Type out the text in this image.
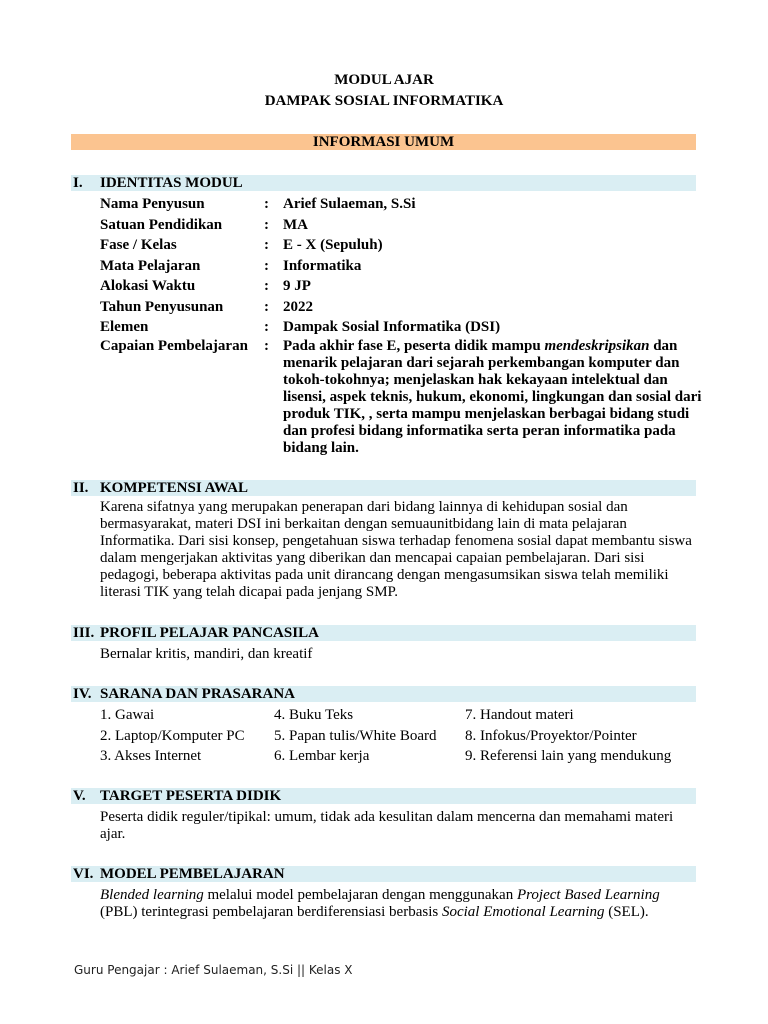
MODUL AJAR
DAMPAK SOSIAL INFORMATIKA
INFORMASI UMUM
I. IDENTITAS MODUL
Nama Penyusun	: Arief Sulaeman, S.Si
Satuan Pendidikan	: MA
Fase / Kelas	: E - X (Sepuluh)
Mata Pelajaran	: Informatika
Alokasi Waktu	: 9 JP
Tahun Penyusunan	: 2022
Elemen	: Dampak Sosial Informatika (DSI)
Capaian Pembelajaran	: Pada akhir fase E, peserta didik mampu mendeskripsikan dan menarik pelajaran dari sejarah perkembangan komputer dan tokoh-tokohnya; menjelaskan hak kekayaan intelektual dan lisensi, aspek teknis, hukum, ekonomi, lingkungan dan sosial dari produk TIK, , serta mampu menjelaskan berbagai bidang studi dan profesi bidang informatika serta peran informatika pada bidang lain.
II. KOMPETENSI AWAL
Karena sifatnya yang merupakan penerapan dari bidang lainnya di kehidupan sosial dan bermasyarakat, materi DSI ini berkaitan dengan semuaunitbidang lain di mata pelajaran Informatika. Dari sisi konsep, pengetahuan siswa terhadap fenomena sosial dapat membantu siswa dalam mengerjakan aktivitas yang diberikan dan mencapai capaian pembelajaran. Dari sisi pedagogi, beberapa aktivitas pada unit dirancang dengan mengasumsikan siswa telah memiliki literasi TIK yang telah dicapai pada jenjang SMP.
III. PROFIL PELAJAR PANCASILA
Bernalar kritis, mandiri, dan kreatif
IV. SARANA DAN PRASARANA
1. Gawai
2. Laptop/Komputer PC
3. Akses Internet
4. Buku Teks
5. Papan tulis/White Board
6. Lembar kerja
7. Handout materi
8. Infokus/Proyektor/Pointer
9. Referensi lain yang mendukung
V. TARGET PESERTA DIDIK
Peserta didik reguler/tipikal: umum, tidak ada kesulitan dalam mencerna dan memahami materi ajar.
VI. MODEL PEMBELAJARAN
Blended learning melalui model pembelajaran dengan menggunakan Project Based Learning (PBL) terintegrasi pembelajaran berdiferensiasi berbasis Social Emotional Learning (SEL).
Guru Pengajar : Arief Sulaeman, S.Si || Kelas X
